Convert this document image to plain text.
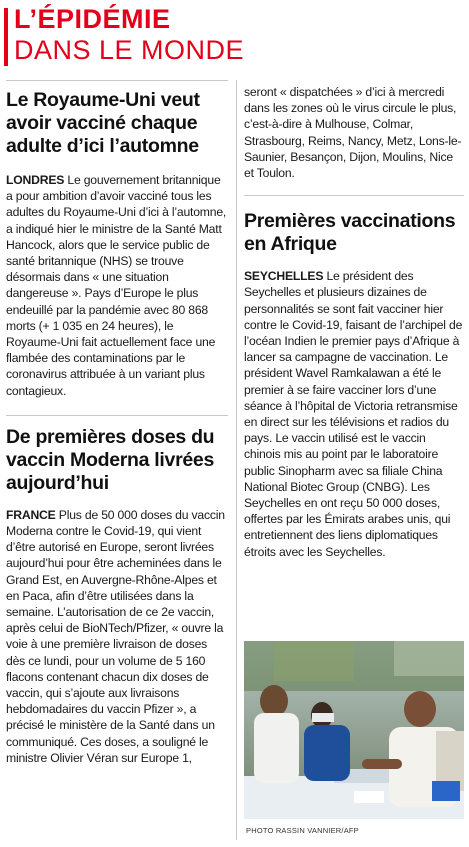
L’ÉPIDÉMIE
DANS LE MONDE
Le Royaume-Uni veut avoir vacciné chaque adulte d’ici l’automne

LONDRES Le gouvernement britannique a pour ambition d’avoir vacciné tous les adultes du Royaume-Uni d’ici à l’automne, a indiqué hier le ministre de la Santé Matt Hancock, alors que le service public de santé britannique (NHS) se trouve désormais dans « une situation dangereuse ». Pays d’Europe le plus endeuillé par la pandémie avec 80 868 morts (+ 1 035 en 24 heures), le Royaume-Uni fait actuellement face une flambée des contaminations par le coronavirus attribuée à un variant plus contagieux.

De premières doses du vaccin Moderna livrées aujourd’hui

FRANCE Plus de 50 000 doses du vaccin Moderna contre le Covid-19, qui vient d’être autorisé en Europe, seront livrées aujourd’hui pour être acheminées dans le Grand Est, en Auvergne-Rhône-Alpes et en Paca, afin d’être utilisées dans la semaine. L’autorisation de ce 2e vaccin, après celui de BioNTech/Pfizer, « ouvre la voie à une première livraison de doses dès ce lundi, pour un volume de 5 160 flacons contenant chacun dix doses de vaccin, qui s’ajoute aux livraisons hebdomadaires du vaccin Pfizer », a précisé le ministère de la Santé dans un communiqué. Ces doses, a souligné le ministre Olivier Véran sur Europe 1,

seront « dispatchées » d’ici à mercredi dans les zones où le virus circule le plus, c’est-à-dire à Mulhouse, Colmar, Strasbourg, Reims, Nancy, Metz, Lons-le-Saunier, Besançon, Dijon, Moulins, Nice et Toulon.

Premières vaccinations en Afrique

SEYCHELLES Le président des Seychelles et plusieurs dizaines de personnalités se sont fait vacciner hier contre le Covid-19, faisant de l’archipel de l’océan Indien le premier pays d’Afrique à lancer sa campagne de vaccination. Le président Wavel Ramkalawan a été le premier à se faire vacciner lors d’une séance à l’hôpital de Victoria retransmise en direct sur les télévisions et radios du pays. Le vaccin utilisé est le vaccin chinois mis au point par le laboratoire public Sinopharm avec sa filiale China National Biotec Group (CNBG). Les Seychelles en ont reçu 50 000 doses, offertes par les Émirats arabes unis, qui entretiennent des liens diplomatiques étroits avec les Seychelles.

PHOTO RASSIN VANNIER/AFP
